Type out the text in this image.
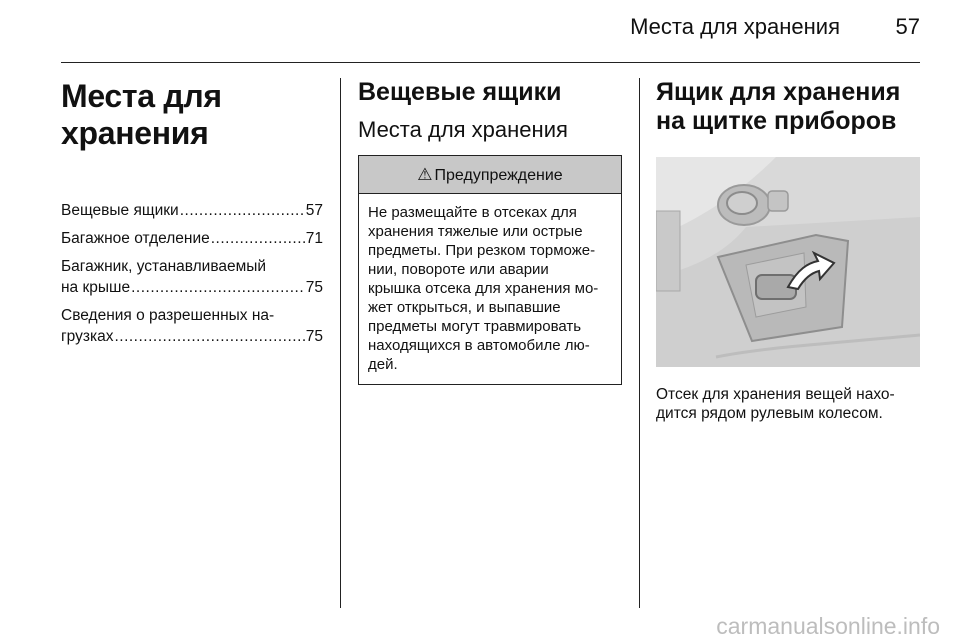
Места для хранения	57
Места для хранения
Вещевые ящики .....	57
Багажное отделение .....	71
Багажник, устанавливаемый
на крыше .....	75
Сведения о разрешенных на-
грузках .....	75
Вещевые ящики
Места для хранения
⚠ Предупреждение
Не размещайте в отсеках для
хранения тяжелые или острые
предметы. При резком торможе-
нии, повороте или аварии
крышка отсека для хранения мо-
жет открыться, и выпавшие
предметы могут травмировать
находящихся в автомобиле лю-
дей.
Ящик для хранения на щитке приборов
Отсек для хранения вещей нахо-
дится рядом рулевым колесом.
carmanualsonline.info
